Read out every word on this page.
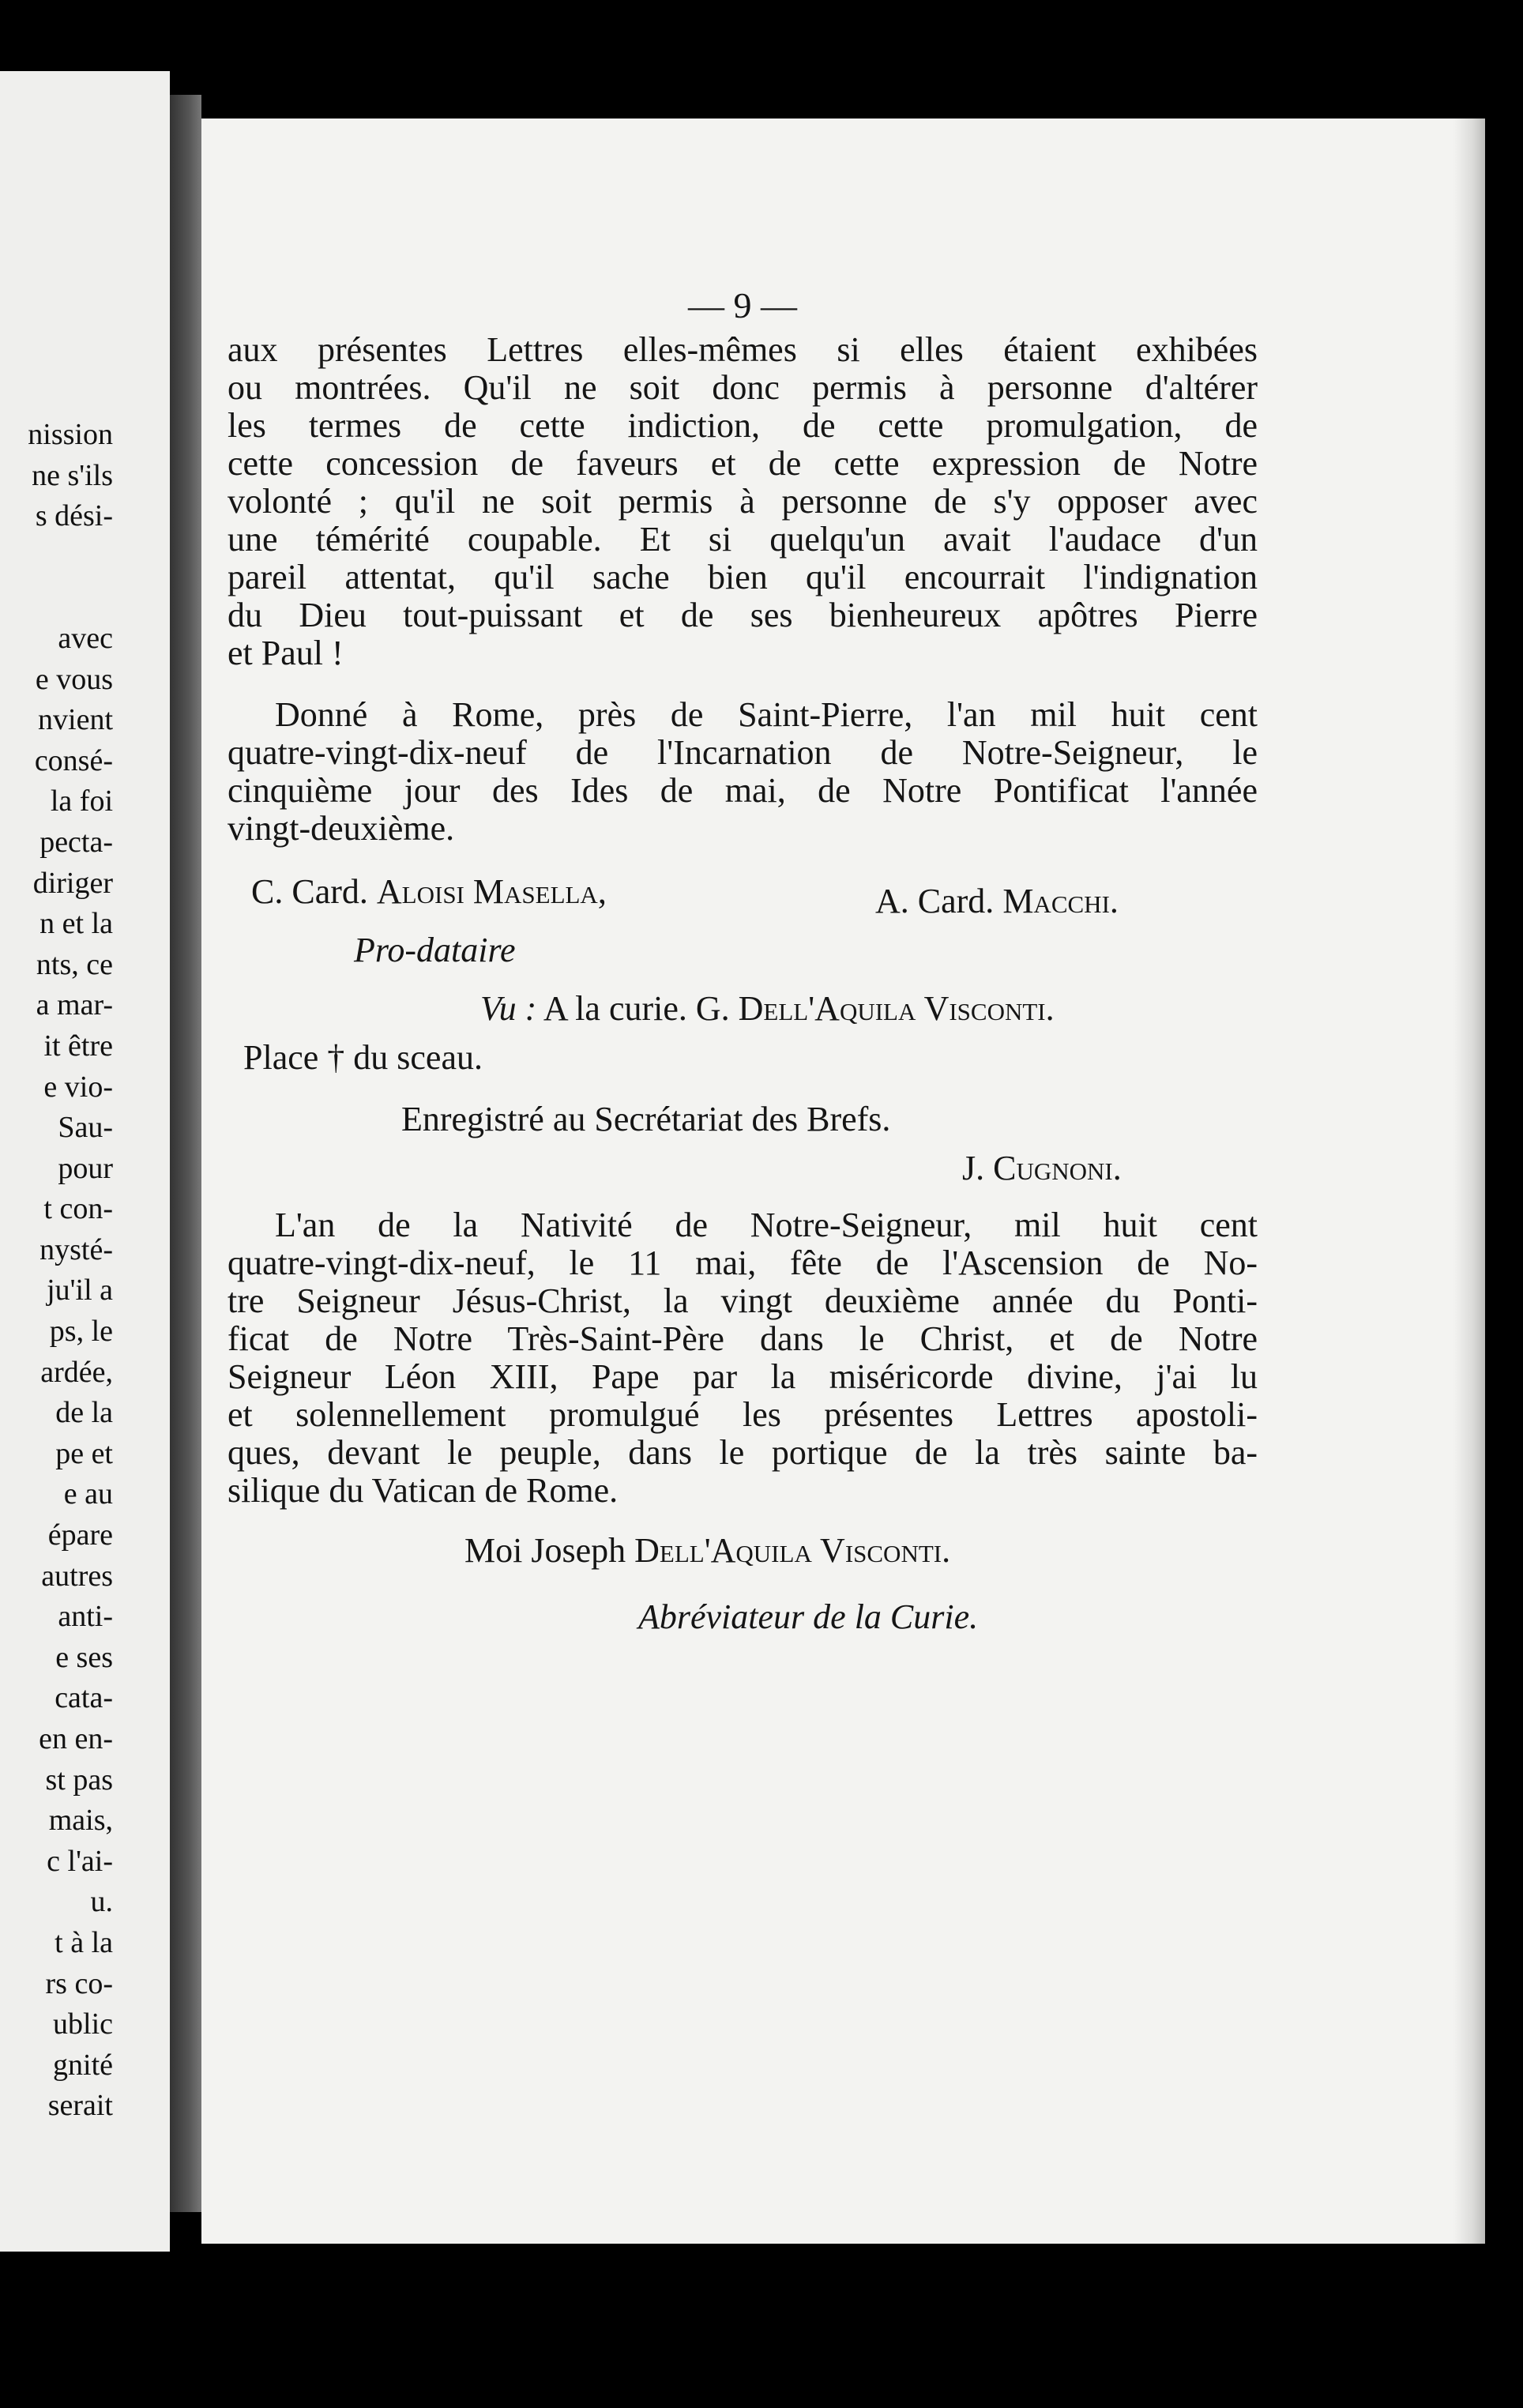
nission
ne s'ils
s dési-

avec
e vous
nvient
consé-
la foi
pecta-
diriger
n et la
nts, ce
a mar-
it être
e vio-
Sau-
pour
t con-
nysté-
ju'il a
ps, le
ardée,
de la
pe et
e au
épare
autres
anti-
e ses
cata-
en en-
st pas
mais,
c l'ai-
u.
t à la
rs co-
ublic
gnité
serait
— 9 —

aux présentes Lettres elles-mêmes si elles étaient exhibées

ou montrées. Qu'il ne soit donc permis à personne d'altérer

les termes de cette indiction, de cette promulgation, de

cette concession de faveurs et de cette expression de Notre

volonté ; qu'il ne soit permis à personne de s'y opposer avec

une témérité coupable. Et si quelqu'un avait l'audace d'un

pareil attentat, qu'il sache bien qu'il encourrait l'indignation

du Dieu tout-puissant et de ses bienheureux apôtres Pierre

et Paul !

Donné à Rome, près de Saint-Pierre, l'an mil huit cent

quatre-vingt-dix-neuf de l'Incarnation de Notre-Seigneur, le

cinquième jour des Ides de mai, de Notre Pontificat l'année

vingt-deuxième.

C. Card. Aloisi Masella,	A. Card. Macchi.
Pro-dataire
Vu : A la curie. G. Dell'Aquila Visconti.
Place † du sceau.
Enregistré au Secrétariat des Brefs.
J. Cugnoni.

L'an de la Nativité de Notre-Seigneur, mil huit cent

quatre-vingt-dix-neuf, le 11 mai, fête de l'Ascension de No-

tre Seigneur Jésus-Christ, la vingt deuxième année du Ponti-

ficat de Notre Très-Saint-Père dans le Christ, et de Notre

Seigneur Léon XIII, Pape par la miséricorde divine, j'ai lu

et solennellement promulgué les présentes Lettres apostoli-

ques, devant le peuple, dans le portique de la très sainte ba-

silique du Vatican de Rome.

Moi Joseph Dell'Aquila Visconti.
Abréviateur de la Curie.
